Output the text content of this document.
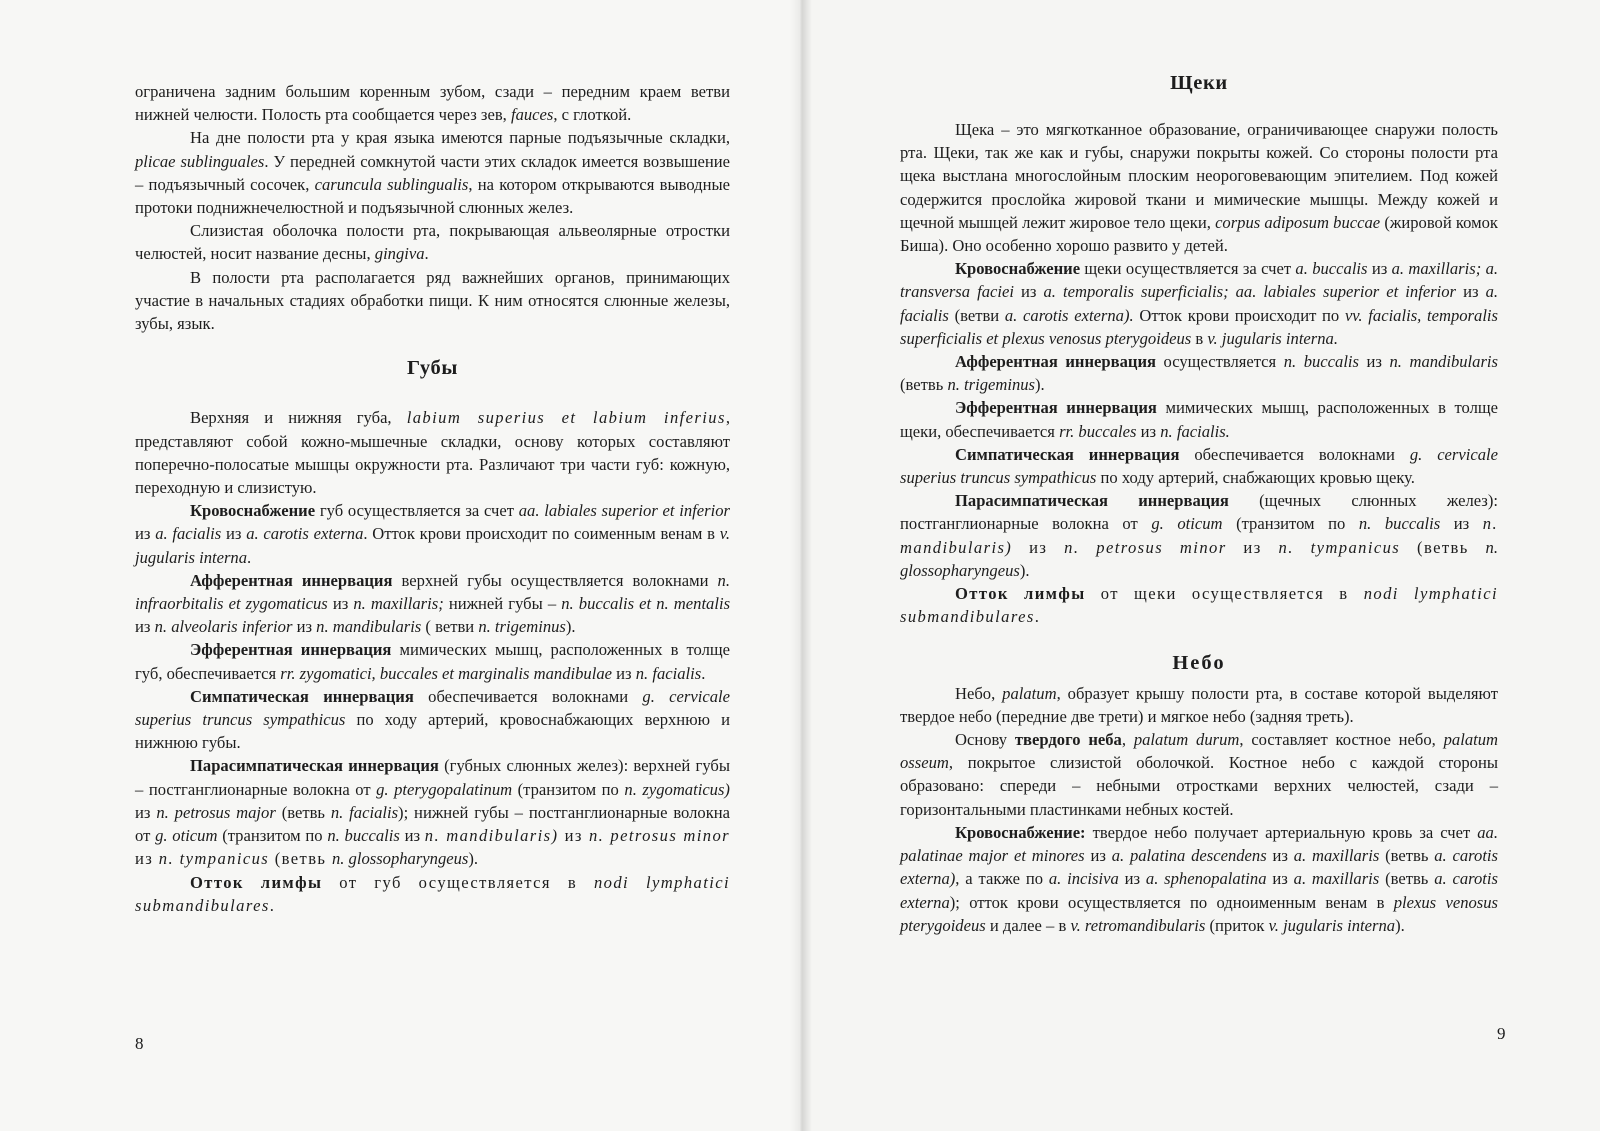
ограничена задним большим коренным зубом, сзади – передним краем ветви нижней челюсти. Полость рта сообщается через зев, fauces, с глоткой.

На дне полости рта у края языка имеются парные подъязычные складки, plicae sublinguales. У передней сомкнутой части этих складок имеется возвышение – подъязычный сосочек, caruncula sublingualis, на котором открываются выводные протоки поднижнечелюстной и подъязычной слюнных желез.

Слизистая оболочка полости рта, покрывающая альвеолярные отростки челюстей, носит название десны, gingiva.

В полости рта располагается ряд важнейших органов, принимающих участие в начальных стадиях обработки пищи. К ним относятся слюнные железы, зубы, язык.

Губы

Верхняя и нижняя губа, labium superius et labium inferius, представляют собой кожно-мышечные складки, основу которых составляют поперечно-полосатые мышцы окружности рта. Различают три части губ: кожную, переходную и слизистую.

Кровоснабжение губ осуществляется за счет aa. labiales superior et inferior из a. facialis из a. carotis externa. Отток крови происходит по соименным венам в v. jugularis interna.

Афферентная иннервация верхней губы осуществляется волокнами n. infraorbitalis et zygomaticus из n. maxillaris; нижней губы – n. buccalis et n. mentalis из n. alveolaris inferior из n. mandibularis ( ветви n. trigeminus).

Эфферентная иннервация мимических мышц, расположенных в толще губ, обеспечивается rr. zygomatici, buccales et marginalis mandibulae из n. facialis.

Симпатическая иннервация обеспечивается волокнами g. cervicale superius truncus sympathicus по ходу артерий, кровоснабжающих верхнюю и нижнюю губы.

Парасимпатическая иннервация (губных слюнных желез): верхней губы – постганглионарные волокна от g. pterygopalatinum (транзитом по n. zygomaticus) из n. petrosus major (ветвь n. facialis); нижней губы – постганглионарные волокна от g. oticum (транзитом по n. buccalis из n. mandibularis) из n. petrosus minor из n. tympanicus (ветвь n. glossopharyngeus).

Отток лимфы от губ осуществляется в nodi lymphatici submandibulares.

8
Щеки

Щека – это мягкотканное образование, ограничивающее снаружи полость рта. Щеки, так же как и губы, снаружи покрыты кожей. Со стороны полости рта щека выстлана многослойным плоским неороговевающим эпителием. Под кожей содержится прослойка жировой ткани и мимические мышцы. Между кожей и щечной мышцей лежит жировое тело щеки, corpus adiposum buccae (жировой комок Биша). Оно особенно хорошо развито у детей.

Кровоснабжение щеки осуществляется за счет a. buccalis из a. maxillaris; a. transversa faciei из a. temporalis superficialis; aa. labiales superior et inferior из a. facialis (ветви a. carotis externa). Отток крови происходит по vv. facialis, temporalis superficialis et plexus venosus pterygoideus в v. jugularis interna.

Афферентная иннервация осуществляется n. buccalis из n. mandibularis (ветвь n. trigeminus).

Эфферентная иннервация мимических мышц, расположенных в толще щеки, обеспечивается rr. buccales из n. facialis.

Симпатическая иннервация обеспечивается волокнами g. cervicale superius truncus sympathicus по ходу артерий, снабжающих кровью щеку.

Парасимпатическая иннервация (щечных слюнных желез): постганглионарные волокна от g. oticum (транзитом по n. buccalis из n. mandibularis) из n. petrosus minor из n. tympanicus (ветвь n. glossopharyngeus).

Отток лимфы от щеки осуществляется в nodi lymphatici submandibulares.

Небо

Небо, palatum, образует крышу полости рта, в составе которой выделяют твердое небо (передние две трети) и мягкое небо (задняя треть).

Основу твердого неба, palatum durum, составляет костное небо, palatum osseum, покрытое слизистой оболочкой. Костное небо с каждой стороны образовано: спереди – небными отростками верхних челюстей, сзади – горизонтальными пластинками небных костей.

Кровоснабжение: твердое небо получает артериальную кровь за счет aa. palatinae major et minores из a. palatina descendens из a. maxillaris (ветвь a. carotis externa), а также по a. incisiva из a. sphenopalatina из a. maxillaris (ветвь a. carotis externa); отток крови осуществляется по одноименным венам в plexus venosus pterygoideus и далее – в v. retromandibularis (приток v. jugularis interna).

9
